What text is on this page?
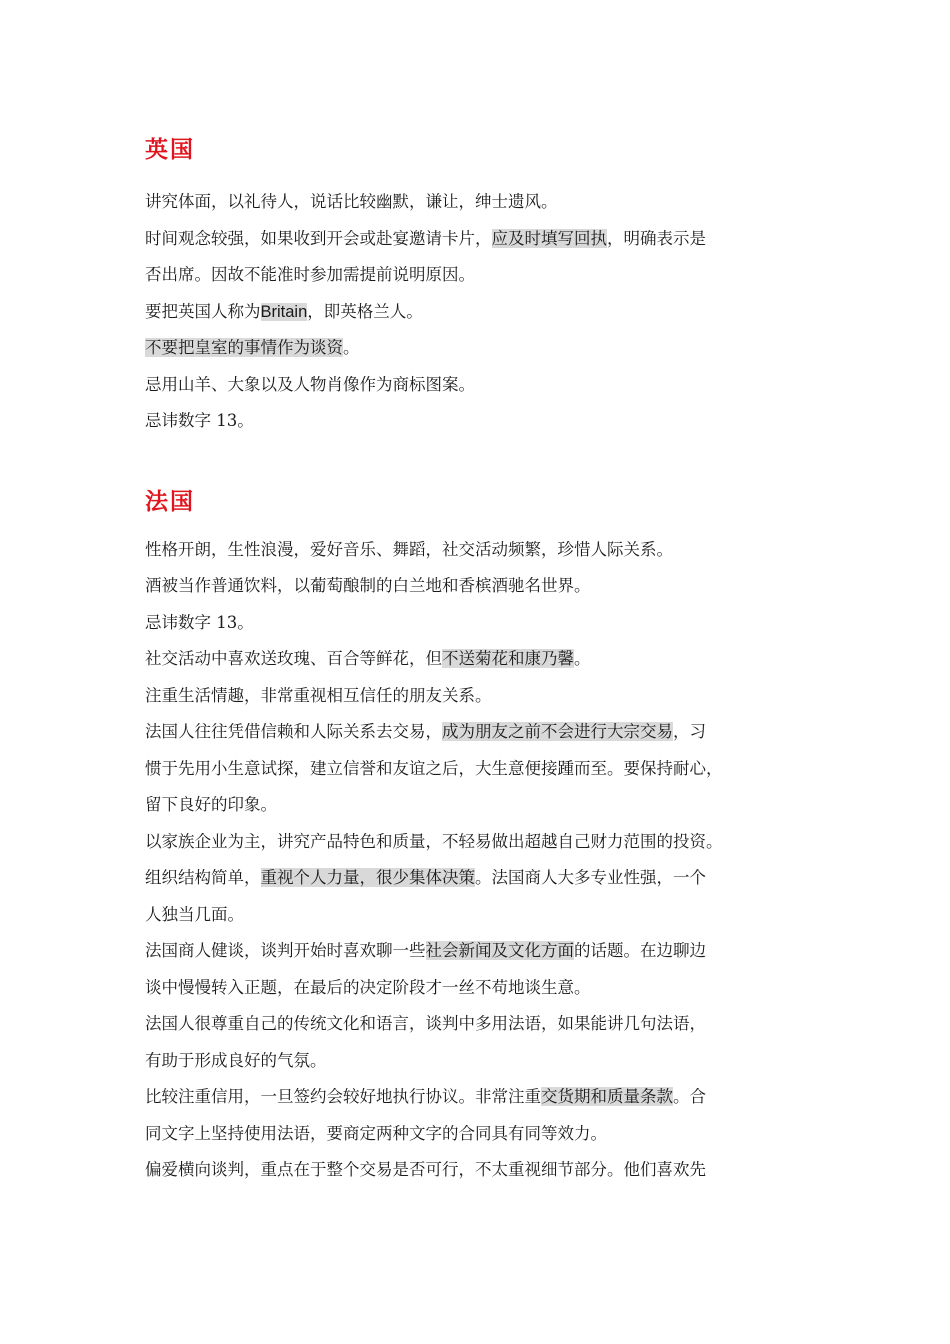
英国

讲究体面，以礼待人，说话比较幽默，谦让，绅士遗风。

时间观念较强，如果收到开会或赴宴邀请卡片，应及时填写回执，明确表示是
否出席。因故不能准时参加需提前说明原因。

要把英国人称为Britain，即英格兰人。

不要把皇室的事情作为谈资。

忌用山羊、大象以及人物肖像作为商标图案。

忌讳数字 13。

法国

性格开朗，生性浪漫，爱好音乐、舞蹈，社交活动频繁，珍惜人际关系。

酒被当作普通饮料，以葡萄酿制的白兰地和香槟酒驰名世界。

忌讳数字 13。

社交活动中喜欢送玫瑰、百合等鲜花，但不送菊花和康乃馨。

注重生活情趣，非常重视相互信任的朋友关系。

法国人往往凭借信赖和人际关系去交易，成为朋友之前不会进行大宗交易，习
惯于先用小生意试探，建立信誉和友谊之后，大生意便接踵而至。要保持耐心，
留下良好的印象。

以家族企业为主，讲究产品特色和质量，不轻易做出超越自己财力范围的投资。

组织结构简单，重视个人力量，很少集体决策。法国商人大多专业性强，一个
人独当几面。

法国商人健谈，谈判开始时喜欢聊一些社会新闻及文化方面的话题。在边聊边
谈中慢慢转入正题，在最后的决定阶段才一丝不苟地谈生意。

法国人很尊重自己的传统文化和语言，谈判中多用法语，如果能讲几句法语，
有助于形成良好的气氛。

比较注重信用，一旦签约会较好地执行协议。非常注重交货期和质量条款。合
同文字上坚持使用法语，要商定两种文字的合同具有同等效力。

偏爱横向谈判，重点在于整个交易是否可行，不太重视细节部分。他们喜欢先
